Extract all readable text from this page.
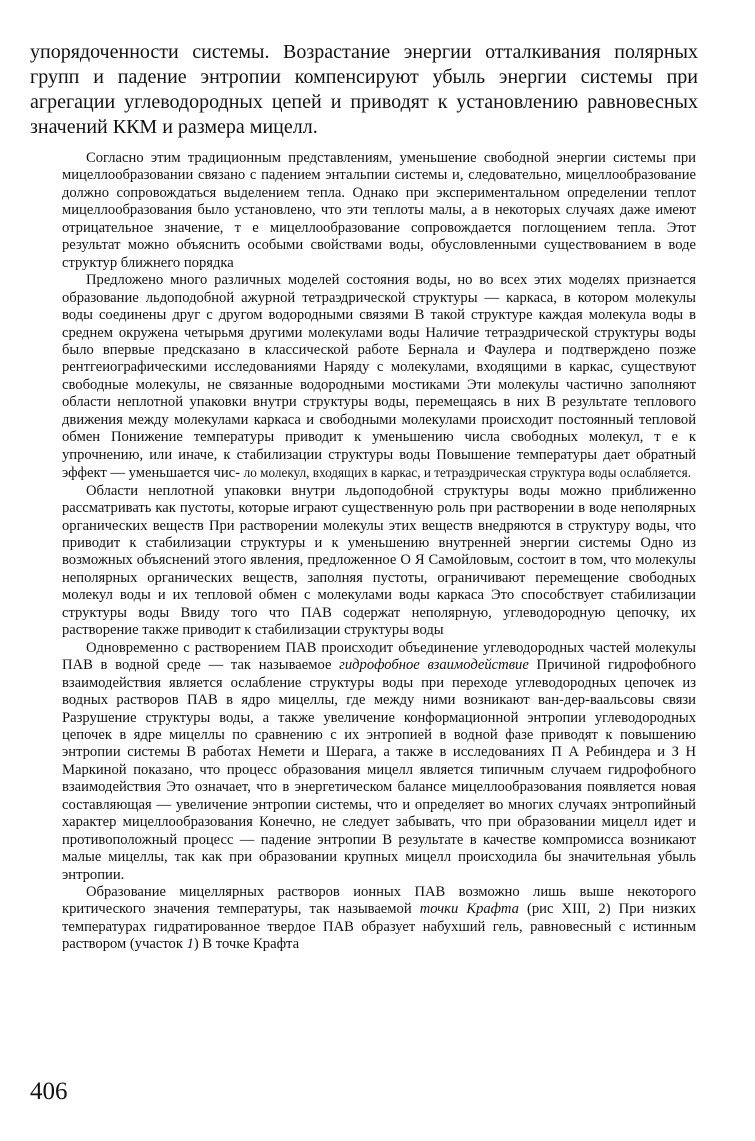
упорядоченности системы. Возрастание энергии отталкивания полярных групп и падение энтропии компенсируют убыль энергии системы при агрегации углеводородных цепей и приводят к установлению равновесных значений ККМ и размера мицелл.

Согласно этим традиционным представлениям, уменьшение свободной энергии системы при мицеллообразовании связано с падением энтальпии системы и, следовательно, мицеллообразование должно сопровождаться выделением тепла. Однако при экспериментальном определении теплот мицеллообразования было установлено, что эти теплоты малы, а в некоторых случаях даже имеют отрицательное значение, т е мицеллообразование сопровождается поглощением тепла. Этот результат можно объяснить особыми свойствами воды, обусловленными существованием в воде структур ближнего порядка

Предложено много различных моделей состояния воды, но во всех этих моделях признается образование льдоподобной ажурной тетраэдрической структуры — каркаса, в котором молекулы воды соединены друг с другом водородными связями В такой структуре каждая молекула воды в среднем окружена четырьмя другими молекулами воды Наличие тетраэдрической структуры воды было впервые предсказано в классической работе Бернала и Фаулера и подтверждено позже рентгеиографическими исследованиями Наряду с молекулами, входящими в каркас, существуют свободные молекулы, не связанные водородными мостиками Эти молекулы частично заполняют области неплотной упаковки внутри структуры воды, перемещаясь в них В результате теплового движения между молекулами каркаса и свободными молекулами происходит постоянный тепловой обмен Понижение температуры приводит к уменьшению числа свободных молекул, т е к упрочнению, или иначе, к стабилизации структуры воды Повышение температуры дает обратный эффект — уменьшается чис- ло молекул, входящих в каркас, и тетраэдрическая структура воды ослабляется.

Области неплотной упаковки внутри льдоподобной структуры воды можно приближенно рассматривать как пустоты, которые играют существенную роль при растворении в воде неполярных органических веществ При растворении молекулы этих веществ внедряются в структуру воды, что приводит к стабилизации структуры и к уменьшению внутренней энергии системы Одно из возможных объяснений этого явления, предложенное О Я Самойловым, состоит в том, что молекулы неполярных органических веществ, заполняя пустоты, ограничивают перемещение свободных молекул воды и их тепловой обмен с молекулами воды каркаса Это способствует стабилизации структуры воды Ввиду того что ПАВ содержат неполярную, углеводородную цепочку, их растворение также приводит к стабилизации структуры воды

Одновременно с растворением ПАВ происходит объединение углеводородных частей молекулы ПАВ в водной среде — так называемое гидрофобное взаимодействие Причиной гидрофобного взаимодействия является ослабление структуры воды при переходе углеводородных цепочек из водных растворов ПАВ в ядро мицеллы, где между ними возникают ван-дер-ваальсовы связи Разрушение структуры воды, а также увеличение конформационной энтропии углеводородных цепочек в ядре мицеллы по сравнению с их энтропией в водной фазе приводят к повышению энтропии системы В работах Немети и Шерага, а также в исследованиях П А Ребиндера и З Н Маркиной показано, что процесс образования мицелл является типичным случаем гидрофобного взаимодействия Это означает, что в энергетическом балансе мицеллообразования появляется новая составляющая — увеличение энтропии системы, что и определяет во многих случаях энтропийный характер мицеллообразования Конечно, не следует забывать, что при образовании мицелл идет и противоположный процесс — падение энтропии В результате в качестве компромисса возникают малые мицеллы, так как при образовании крупных мицелл происходила бы значительная убыль энтропии.

Образование мицеллярных растворов ионных ПАВ возможно лишь выше некоторого критического значения температуры, так называемой точки Крафта (рис XIII, 2) При низких температурах гидратированное твердое ПАВ образует набухший гель, равновесный с истинным раствором (участок 1) В точке Крафта

406
